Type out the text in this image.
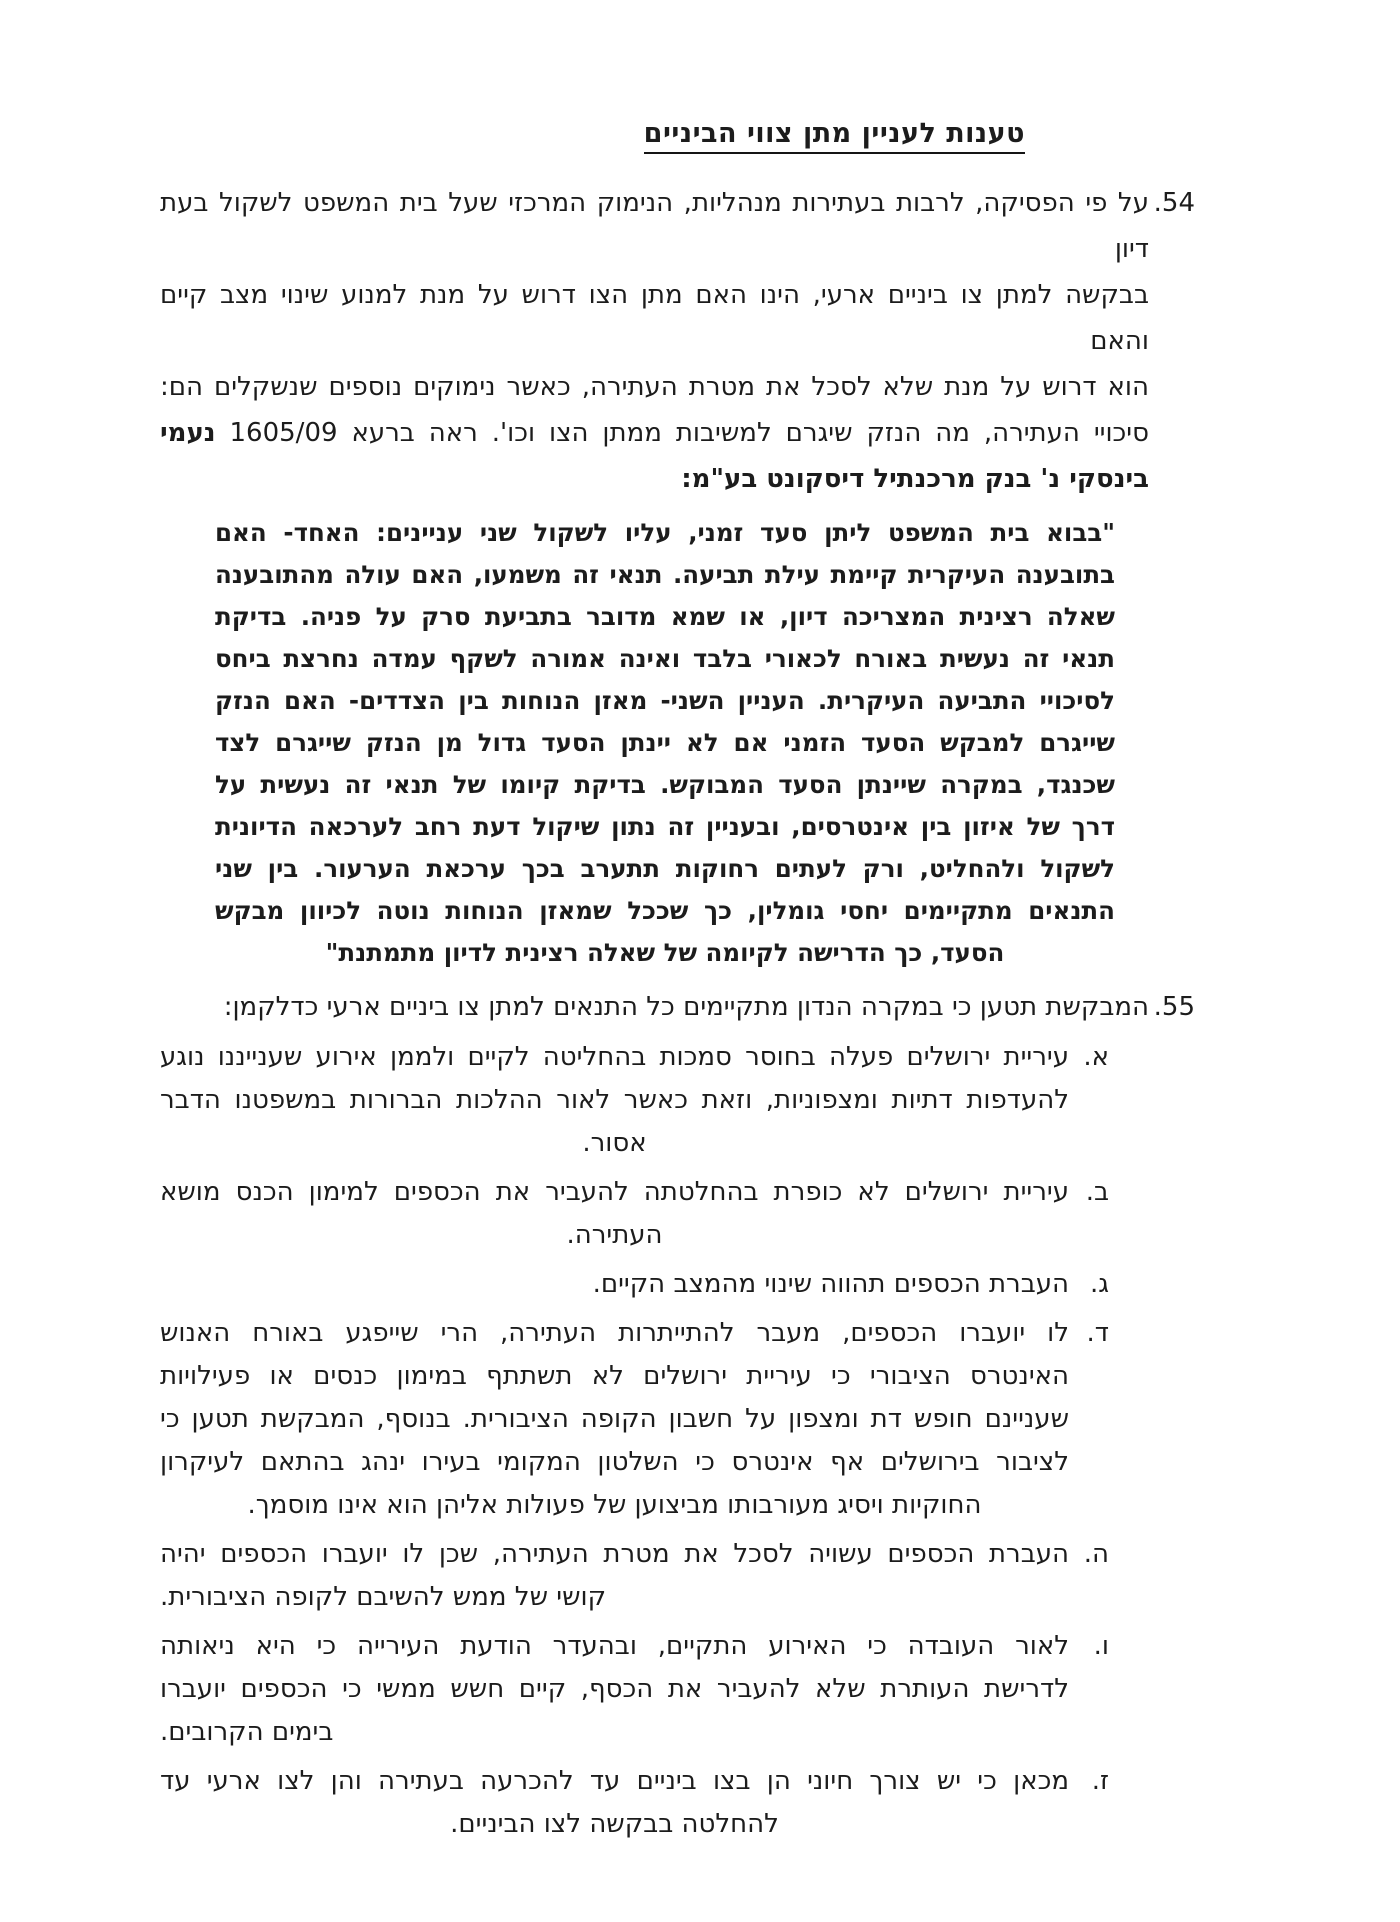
טענות לעניין מתן צווי הביניים
54.
על פי הפסיקה, לרבות בעתירות מנהליות, הנימוק המרכזי שעל בית המשפט לשקול בעת דיון
בבקשה למתן צו ביניים ארעי, הינו האם מתן הצו דרוש על מנת למנוע שינוי מצב קיים והאם
הוא דרוש על מנת שלא לסכל את מטרת העתירה, כאשר נימוקים נוספים שנשקלים הם:
סיכויי העתירה, מה הנזק שיגרם למשיבות ממתן הצו וכו'. ראה ברעא 1605/09 נעמי
בינסקי נ' בנק מרכנתיל דיסקונט בע"מ:
"בבוא בית המשפט ליתן סעד זמני, עליו לשקול שני עניינים: האחד- האם
בתובענה העיקרית קיימת עילת תביעה. תנאי זה משמעו, האם עולה מהתובענה
שאלה רצינית המצריכה דיון, או שמא מדובר בתביעת סרק על פניה. בדיקת
תנאי זה נעשית באורח לכאורי בלבד ואינה אמורה לשקף עמדה נחרצת ביחס
לסיכויי התביעה העיקרית. העניין השני- מאזן הנוחות בין הצדדים- האם הנזק
שייגרם למבקש הסעד הזמני אם לא יינתן הסעד גדול מן הנזק שייגרם לצד
שכנגד, במקרה שיינתן הסעד המבוקש. בדיקת קיומו של תנאי זה נעשית על
דרך של איזון בין אינטרסים, ובעניין זה נתון שיקול דעת רחב לערכאה הדיונית
לשקול ולהחליט, ורק לעתים רחוקות תתערב בכך ערכאת הערעור. בין שני
התנאים מתקיימים יחסי גומלין, כך שככל שמאזן הנוחות נוטה לכיוון מבקש
הסעד, כך הדרישה לקיומה של שאלה רצינית לדיון מתמתנת"
55.
המבקשת תטען כי במקרה הנדון מתקיימים כל התנאים למתן צו ביניים ארעי כדלקמן:
א.
עיריית ירושלים פעלה בחוסר סמכות בהחליטה לקיים ולממן אירוע שענייננו נוגע
להעדפות דתיות ומצפוניות, וזאת כאשר לאור ההלכות הברורות במשפטנו הדבר
אסור.
ב.
עיריית ירושלים לא כופרת בהחלטתה להעביר את הכספים למימון הכנס מושא
העתירה.
ג.
העברת הכספים תהווה שינוי מהמצב הקיים.
ד.
לו יועברו הכספים, מעבר להתייתרות העתירה, הרי שייפגע באורח האנוש
האינטרס הציבורי כי עיריית ירושלים לא תשתתף במימון כנסים או פעילויות
שעניינם חופש דת ומצפון על חשבון הקופה הציבורית. בנוסף, המבקשת תטען כי
לציבור בירושלים אף אינטרס כי השלטון המקומי בעירו ינהג בהתאם לעיקרון
החוקיות ויסיג מעורבותו מביצוען של פעולות אליהן הוא אינו מוסמך.
ה.
העברת הכספים עשויה לסכל את מטרת העתירה, שכן לו יועברו הכספים יהיה
קושי של ממש להשיבם לקופה הציבורית.
ו.
לאור העובדה כי האירוע התקיים, ובהעדר הודעת העירייה כי היא ניאותה
לדרישת העותרת שלא להעביר את הכסף, קיים חשש ממשי כי הכספים יועברו
בימים הקרובים.
ז.
מכאן כי יש צורך חיוני הן בצו ביניים עד להכרעה בעתירה והן לצו ארעי עד
להחלטה בבקשה לצו הביניים.
